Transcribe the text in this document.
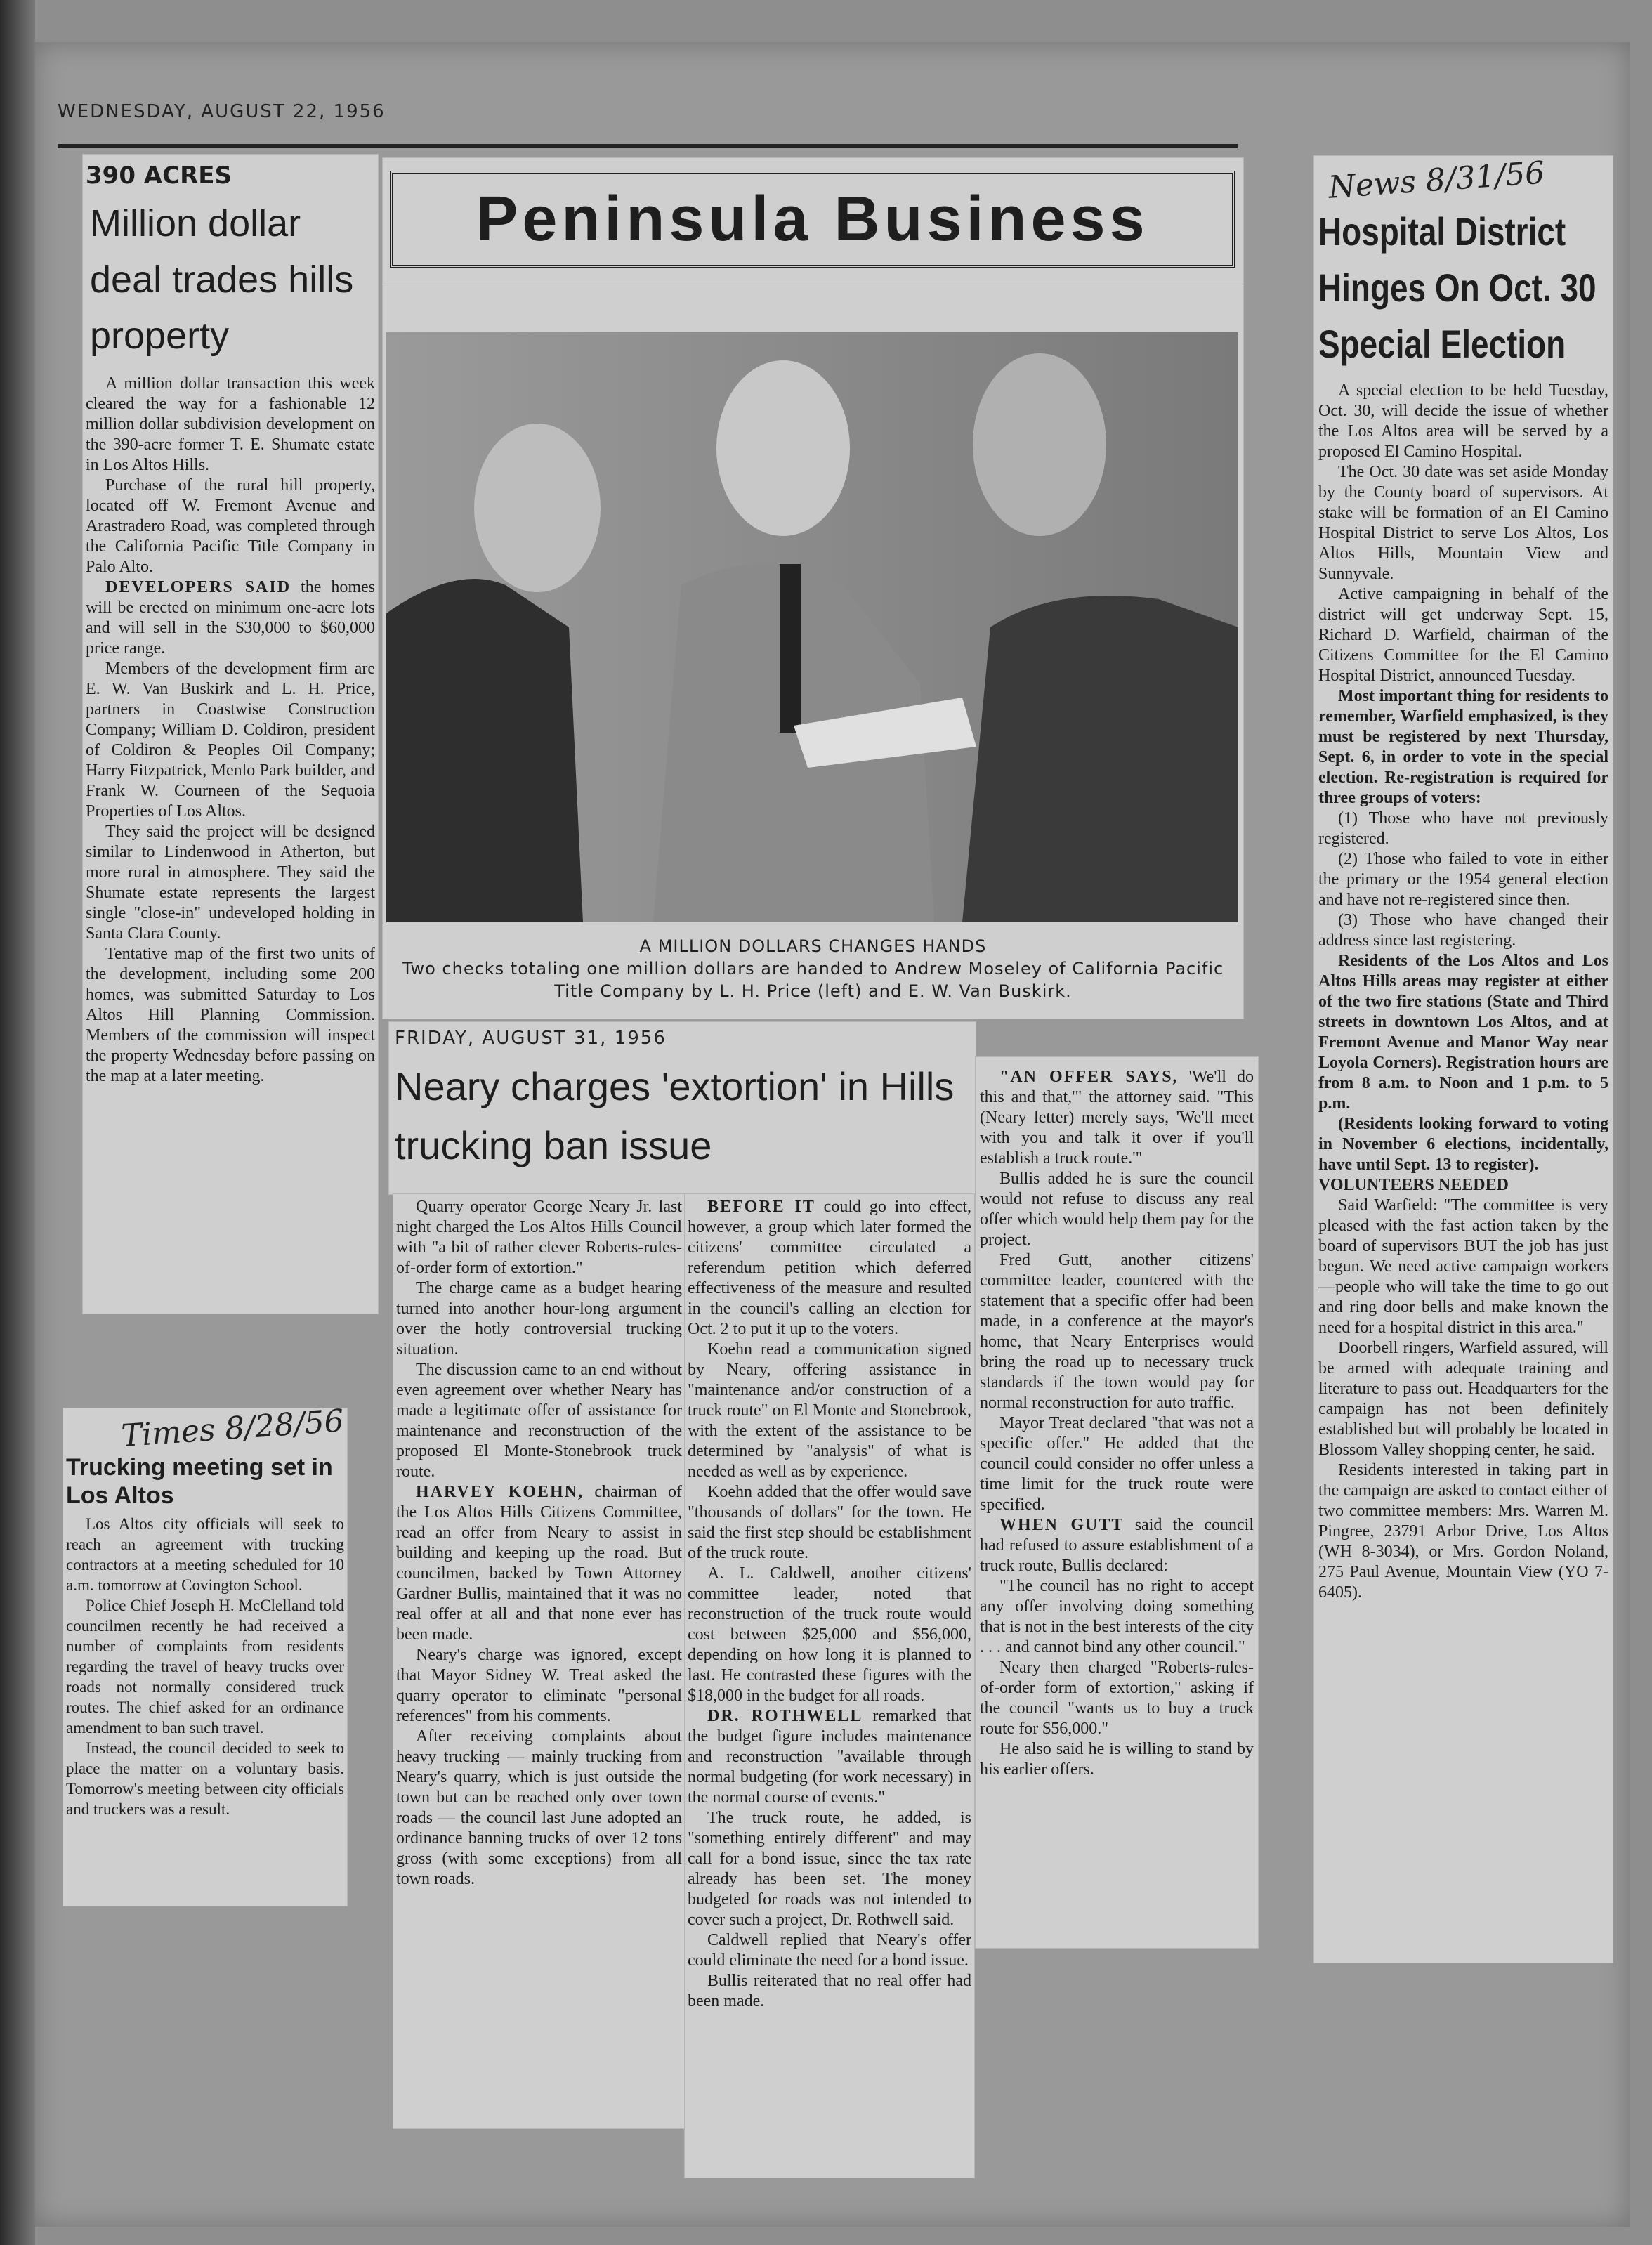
WEDNESDAY, AUGUST 22, 1956
390 ACRES
Million dollar deal trades hills property

A million dollar transaction this week cleared the way for a fashionable 12 million dollar subdivision development on the 390-acre former T. E. Shumate estate in Los Altos Hills.

Purchase of the rural hill property, located off W. Fremont Avenue and Arastradero Road, was completed through the California Pacific Title Company in Palo Alto.

DEVELOPERS SAID the homes will be erected on minimum one-acre lots and will sell in the $30,000 to $60,000 price range.

Members of the development firm are E. W. Van Buskirk and L. H. Price, partners in Coastwise Construction Company; William D. Coldiron, president of Coldiron & Peoples Oil Company; Harry Fitzpatrick, Menlo Park builder, and Frank W. Courneen of the Sequoia Properties of Los Altos.

They said the project will be designed similar to Lindenwood in Atherton, but more rural in atmosphere. They said the Shumate estate represents the largest single "close-in" undeveloped holding in Santa Clara County.

Tentative map of the first two units of the development, including some 200 homes, was submitted Saturday to Los Altos Hill Planning Commission. Members of the commission will inspect the property Wednesday before passing on the map at a later meeting.

Peninsula Business
A MILLION DOLLARS CHANGES HANDS
Two checks totaling one million dollars are handed to Andrew Moseley of California Pacific Title Company by L. H. Price (left) and E. W. Van Buskirk.
FRIDAY, AUGUST 31, 1956
Neary charges 'extortion' in Hills trucking ban issue

Quarry operator George Neary Jr. last night charged the Los Altos Hills Council with "a bit of rather clever Roberts-rules-of-order form of extortion."

The charge came as a budget hearing turned into another hour-long argument over the hotly controversial trucking situation.

The discussion came to an end without even agreement over whether Neary has made a legitimate offer of assistance for maintenance and reconstruction of the proposed El Monte-Stonebrook truck route.

HARVEY KOEHN, chairman of the Los Altos Hills Citizens Committee, read an offer from Neary to assist in building and keeping up the road. But councilmen, backed by Town Attorney Gardner Bullis, maintained that it was no real offer at all and that none ever has been made.

Neary's charge was ignored, except that Mayor Sidney W. Treat asked the quarry operator to eliminate "personal references" from his comments.

After receiving complaints about heavy trucking — mainly trucking from Neary's quarry, which is just outside the town but can be reached only over town roads — the council last June adopted an ordinance banning trucks of over 12 tons gross (with some exceptions) from all town roads.

BEFORE IT could go into effect, however, a group which later formed the citizens' committee circulated a referendum petition which deferred effectiveness of the measure and resulted in the council's calling an election for Oct. 2 to put it up to the voters.

Koehn read a communication signed by Neary, offering assistance in "maintenance and/or construction of a truck route" on El Monte and Stonebrook, with the extent of the assistance to be determined by "analysis" of what is needed as well as by experience.

Koehn added that the offer would save "thousands of dollars" for the town. He said the first step should be establishment of the truck route.

A. L. Caldwell, another citizens' committee leader, noted that reconstruction of the truck route would cost between $25,000 and $56,000, depending on how long it is planned to last. He contrasted these figures with the $18,000 in the budget for all roads.

DR. ROTHWELL remarked that the budget figure includes maintenance and reconstruction "available through normal budgeting (for work necessary) in the normal course of events."

The truck route, he added, is "something entirely different" and may call for a bond issue, since the tax rate already has been set. The money budgeted for roads was not intended to cover such a project, Dr. Rothwell said.

Caldwell replied that Neary's offer could eliminate the need for a bond issue.

Bullis reiterated that no real offer had been made.

"AN OFFER SAYS, 'We'll do this and that,'" the attorney said. "This (Neary letter) merely says, 'We'll meet with you and talk it over if you'll establish a truck route.'"

Bullis added he is sure the council would not refuse to discuss any real offer which would help them pay for the project.

Fred Gutt, another citizens' committee leader, countered with the statement that a specific offer had been made, in a conference at the mayor's home, that Neary Enterprises would bring the road up to necessary truck standards if the town would pay for normal reconstruction for auto traffic.

Mayor Treat declared "that was not a specific offer." He added that the council could consider no offer unless a time limit for the truck route were specified.

WHEN GUTT said the council had refused to assure establishment of a truck route, Bullis declared:

"The council has no right to accept any offer involving doing something that is not in the best interests of the city . . . and cannot bind any other council."

Neary then charged "Roberts-rules-of-order form of extortion," asking if the council "wants us to buy a truck route for $56,000."

He also said he is willing to stand by his earlier offers.

News 8/31/56
Hospital District Hinges On Oct. 30 Special Election

A special election to be held Tuesday, Oct. 30, will decide the issue of whether the Los Altos area will be served by a proposed El Camino Hospital.

The Oct. 30 date was set aside Monday by the County board of supervisors. At stake will be formation of an El Camino Hospital District to serve Los Altos, Los Altos Hills, Mountain View and Sunnyvale.

Active campaigning in behalf of the district will get underway Sept. 15, Richard D. Warfield, chairman of the Citizens Committee for the El Camino Hospital District, announced Tuesday.

Most important thing for residents to remember, Warfield emphasized, is they must be registered by next Thursday, Sept. 6, in order to vote in the special election. Re-registration is required for three groups of voters:

(1) Those who have not previously registered.

(2) Those who failed to vote in either the primary or the 1954 general election and have not re-registered since then.

(3) Those who have changed their address since last registering.

Residents of the Los Altos and Los Altos Hills areas may register at either of the two fire stations (State and Third streets in downtown Los Altos, and at Fremont Avenue and Manor Way near Loyola Corners). Registration hours are from 8 a.m. to Noon and 1 p.m. to 5 p.m.

(Residents looking forward to voting in November 6 elections, incidentally, have until Sept. 13 to register).

VOLUNTEERS NEEDED

Said Warfield: "The committee is very pleased with the fast action taken by the board of supervisors BUT the job has just begun. We need active campaign workers—people who will take the time to go out and ring door bells and make known the need for a hospital district in this area."

Doorbell ringers, Warfield assured, will be armed with adequate training and literature to pass out. Headquarters for the campaign has not been definitely established but will probably be located in Blossom Valley shopping center, he said.

Residents interested in taking part in the campaign are asked to contact either of two committee members: Mrs. Warren M. Pingree, 23791 Arbor Drive, Los Altos (WH 8-3034), or Mrs. Gordon Noland, 275 Paul Avenue, Mountain View (YO 7-6405).

Times 8/28/56
Trucking meeting set in Los Altos

Los Altos city officials will seek to reach an agreement with trucking contractors at a meeting scheduled for 10 a.m. tomorrow at Covington School.

Police Chief Joseph H. McClelland told councilmen recently he had received a number of complaints from residents regarding the travel of heavy trucks over roads not normally considered truck routes. The chief asked for an ordinance amendment to ban such travel.

Instead, the council decided to seek to place the matter on a voluntary basis. Tomorrow's meeting between city officials and truckers was a result.
